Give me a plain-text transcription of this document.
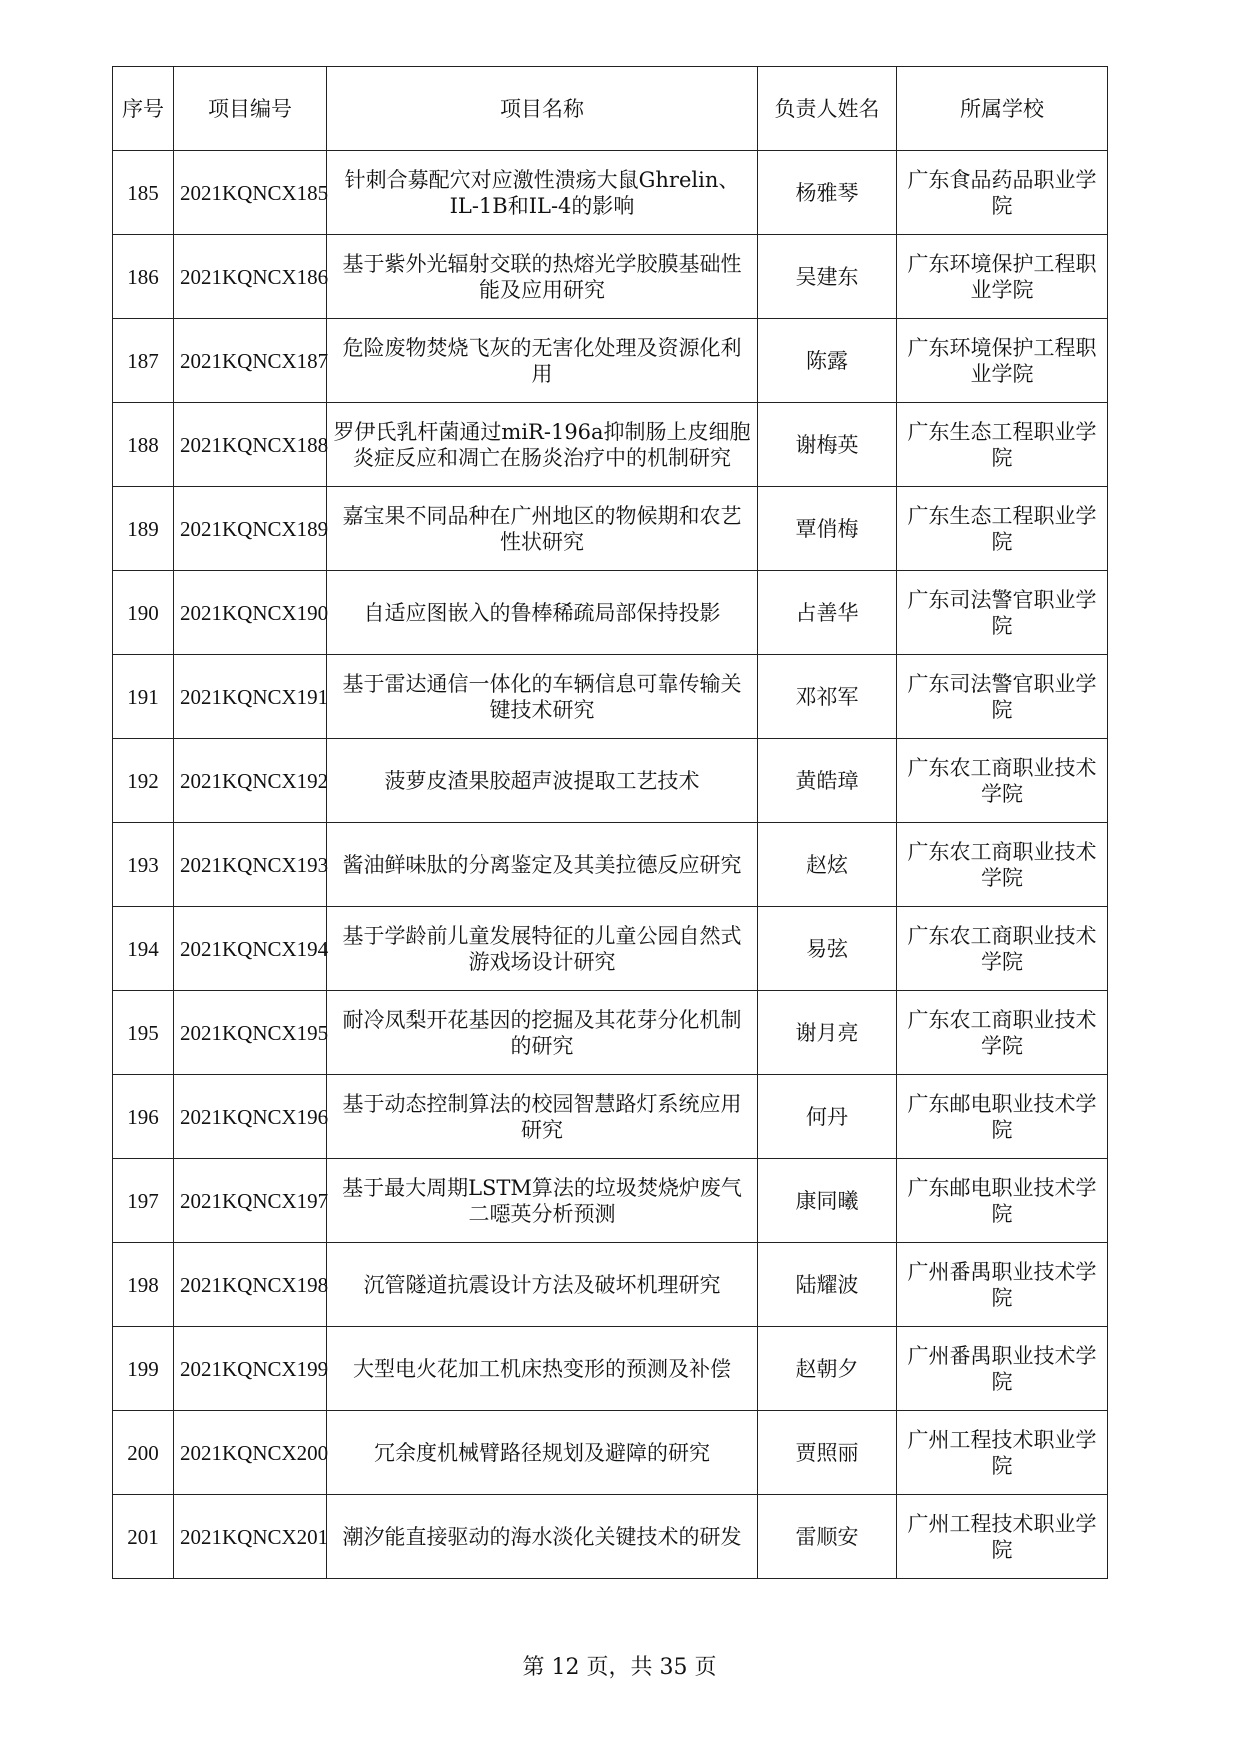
序号	项目编号	项目名称	负责人姓名	所属学校
185	2021KQNCX185	针刺合募配穴对应激性溃疡大鼠Ghrelin、IL-1B和IL-4的影响	杨雅琴	广东食品药品职业学院
186	2021KQNCX186	基于紫外光辐射交联的热熔光学胶膜基础性能及应用研究	吴建东	广东环境保护工程职业学院
187	2021KQNCX187	危险废物焚烧飞灰的无害化处理及资源化利用	陈露	广东环境保护工程职业学院
188	2021KQNCX188	罗伊氏乳杆菌通过miR-196a抑制肠上皮细胞炎症反应和凋亡在肠炎治疗中的机制研究	谢梅英	广东生态工程职业学院
189	2021KQNCX189	嘉宝果不同品种在广州地区的物候期和农艺性状研究	覃俏梅	广东生态工程职业学院
190	2021KQNCX190	自适应图嵌入的鲁棒稀疏局部保持投影	占善华	广东司法警官职业学院
191	2021KQNCX191	基于雷达通信一体化的车辆信息可靠传输关键技术研究	邓祁军	广东司法警官职业学院
192	2021KQNCX192	菠萝皮渣果胶超声波提取工艺技术	黄皓璋	广东农工商职业技术学院
193	2021KQNCX193	酱油鲜味肽的分离鉴定及其美拉德反应研究	赵炫	广东农工商职业技术学院
194	2021KQNCX194	基于学龄前儿童发展特征的儿童公园自然式游戏场设计研究	易弦	广东农工商职业技术学院
195	2021KQNCX195	耐冷凤梨开花基因的挖掘及其花芽分化机制的研究	谢月亮	广东农工商职业技术学院
196	2021KQNCX196	基于动态控制算法的校园智慧路灯系统应用研究	何丹	广东邮电职业技术学院
197	2021KQNCX197	基于最大周期LSTM算法的垃圾焚烧炉废气二噁英分析预测	康同曦	广东邮电职业技术学院
198	2021KQNCX198	沉管隧道抗震设计方法及破坏机理研究	陆耀波	广州番禺职业技术学院
199	2021KQNCX199	大型电火花加工机床热变形的预测及补偿	赵朝夕	广州番禺职业技术学院
200	2021KQNCX200	冗余度机械臂路径规划及避障的研究	贾照丽	广州工程技术职业学院
201	2021KQNCX201	潮汐能直接驱动的海水淡化关键技术的研发	雷顺安	广州工程技术职业学院
第 12 页，共 35 页
